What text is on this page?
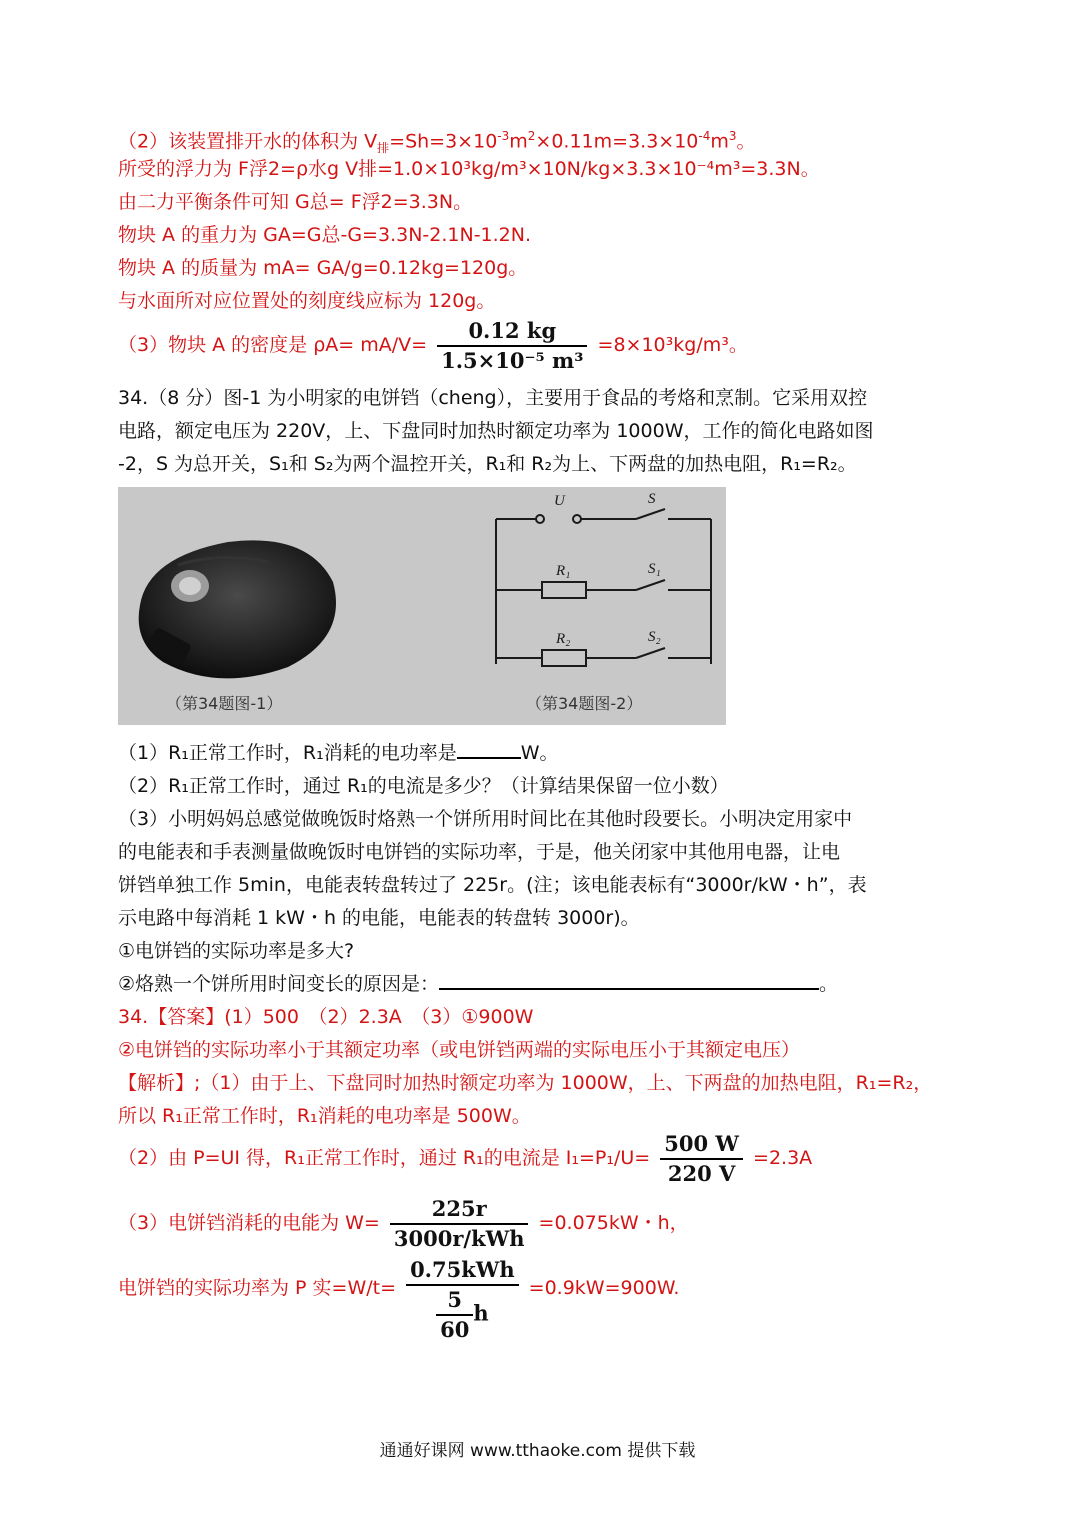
（2）该装置排开水的体积为 $V_排=Sh=3\times 10^{-3}m^2\times 0.11m=3.3\times 10^{-4}m^3$。
所受的浮力为 F浮2=ρ水g V排=1.0×10³kg/m³×10N/kg×3.3×10⁻⁴m³=3.3N。
由二力平衡条件可知 G总= F浮2=3.3N。
物块 A 的重力为 GA=G总-G=3.3N-2.1N-1.2N.
物块 A 的质量为 mA= GA/g=0.12kg=120g。
与水面所对应位置处的刻度线应标为 120g。
（3）物块 A 的密度是 $\rho A= mA/V= \frac{0.12 kg}{\text{1.5×10⁻⁵ m³}} =8\times 10^3kg/m^3$。
34.（8 分）图-1 为小明家的电饼铛（cheng），主要用于食品的考烙和烹制。它采用双控
电路，额定电压为 220V，上、下盘同时加热时额定功率为 1000W，工作的简化电路如图
-2，S 为总开关，S₁和 S₂为两个温控开关，R₁和 R₂为上、下两盘的加热电阻，R₁=R₂。
U	S
R₁	S₁
R₂	S₂
（第34题图-1）	（第34题图-2）
（1）R₁正常工作时，R₁消耗的电功率是	W。
（2）R₁正常工作时，通过 R₁的电流是多少？（计算结果保留一位小数）
（3）小明妈妈总感觉做晚饭时烙熟一个饼所用时间比在其他时段要长。小明决定用家中
的电能表和手表测量做晚饭时电饼铛的实际功率，于是，他关闭家中其他用电器，让电
饼铛单独工作 5min，电能表转盘转过了 225r。(注；该电能表标有“3000r/kW・h”，表
示电路中每消耗 1 kW・h 的电能，电能表的转盘转 3000r)。
①电饼铛的实际功率是多大?
②烙熟一个饼所用时间变长的原因是：	。
34.【答案】(1）500　（2）2.3A　（3）①900W
②电饼铛的实际功率小于其额定功率（或电饼铛两端的实际电压小于其额定电压）
【解析】;（1）由于上、下盘同时加热时额定功率为 1000W，上、下两盘的加热电阻，R₁=R₂，
所以 R₁正常工作时，R₁消耗的电功率是 500W。
（2）由 P=UI 得，R₁正常工作时，通过 R₁的电流是 $I_1=P_1/U= \frac{500 W}{220 V} =2.3A$
（3）电饼铛消耗的电能为 $W= \frac{225r}{\text{3000r/kWh}} =0.075kW$・h，
电饼铛的实际功率为 P 实$=W/t= \frac{\text{0.75kWh}}{\frac{5}{60} h} =0.9kW=900W$.
通通好课网 www.tthaoke.com 提供下载
